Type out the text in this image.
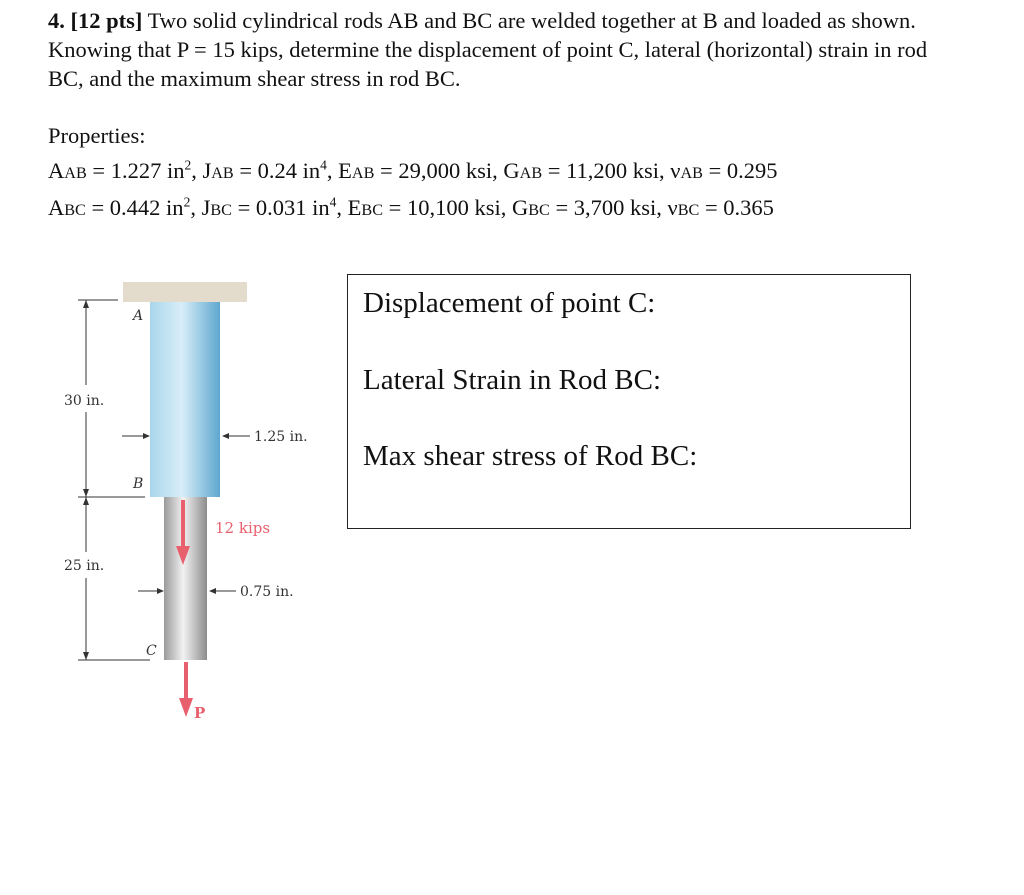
4. [12 pts] Two solid cylindrical rods AB and BC are welded together at B and loaded as shown. Knowing that P = 15 kips, determine the displacement of point C, lateral (horizontal) strain in rod BC, and the maximum shear stress in rod BC.
Properties:
AAB = 1.227 $in^2$, JAB = 0.24 $in^4$, EAB = 29,000 ksi, GAB = 11,200 ksi, νAB = 0.295
ABC = 0.442 $in^2$, JBC = 0.031 $in^4$, EBC = 10,100 ksi, GBC = 3,700 ksi, νBC = 0.365
30 in.
25 in.
1.25 in.
0.75 in.
A
B
C
12 kips
P
Displacement of point C:
Lateral Strain in Rod BC:
Max shear stress of Rod BC:
